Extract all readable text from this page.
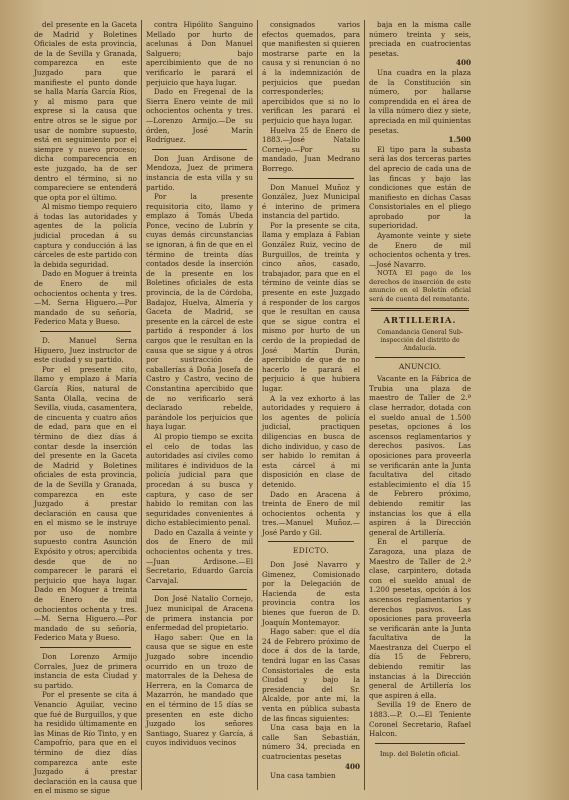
del presente en la Gaceta de Madrid y Boletines Oficiales de esta provincia, de la de Sevilla y Granada, comparezca en este Juzgado para que manifieste el punto donde se halla María García Ríos, y al mismo para que exprese si la causa que entre otros se le sigue por usar de nombre supuesto, está en seguimiento por el siempre y nuevo proceso; dicha comparecencia en este juzgado, ha de ser dentro el término, si no compareciere se entenderá que opta por el último.

Al mismo tiempo requiero á todas las autoridades y agentes de la policía judicial procedan á su captura y conducción á las cárceles de este partido con la debida seguridad.

Dado en Moguer á treinta de Enero de mil ochocientos ochenta y tres.—M. Serna Higuero.—Por mandado de su señoría, Federico Mata y Bueso.

D. Manuel Serna Higuero, Juez instructor de este ciudad y su partido.

Por el presente cito, llamo y emplazo á María García Ríos, natural de Santa Olalla, vecina de Sevilla, viuda, casamentera, de cincuenta y cuatro años de edad, para que en el término de diez días á contar desde la inserción del presente en la Gaceta de Madrid y Boletines oficiales de esta provincia, de la de Sevilla y Granada, comparezca en este Juzgado á prestar declaración en causa que en el mismo se le instruye por uso de nombre supuesto contra Asunción Expósito y otros; apercibida desde que de no comparecer le parará el perjuicio que haya lugar. Dado en Moguer á treinta de Enero de mil ochocientos ochenta y tres.—M. Serna Higuero.—Por mandado de su señoría, Federico Mata y Bueso.

Don Lorenzo Armijo Corrales, Juez de primera instancia de esta Ciudad y su partido.

Por el presente se cita á Venancio Aguilar, vecino que fué de Burguillos, y que ha residido últimamente en las Minas de Río Tinto, y en Campofrío, para que en el término de diez días comparezca ante este Juzgado á prestar declaración en la causa que en el mismo se sigue

contra Hipólito Sanguino Mellado por hurto de acelunas á Don Manuel Salguero; bajo apercibimiento que de no verificarlo le parará el perjuicio que haya lugar.

Dado en Fregenal de la Sierra Enero veinte de mil ochocientos ochenta y tres.—Lorenzo Armijo.—De su órden, José Marín Rodríguez.

Don Juan Ardisone de Mendoza, Juez de primera instancia de esta villa y su partido.

Por la presente requisitoria cito, llamo y emplazo á Tomás Ubeda Ponce, vecino de Lubrín y cuyas demás circunstancias se ignoran, á fin de que en el término de treinta días contados desde la inserción de la presente en los Boletines oficiales de esta provincia, de la de Córdoba, Badajoz, Huelva, Almería y Gaceta de Madrid, se presente en la cárcel de este partido á responder á los cargos que le resultan en la causa que se sigue y á otros por sustracción de caballerías á Doña Josefa de Castro y Castro, vecino de Constantina apercibido que de no verificarlo será declarado rebelde, parándole los perjuicios que haya lugar.

Al propio tiempo se excita el celo de todas las autoridades así civiles como militares é individuos de la policía judicial para que procedan á su busca y captura, y caso de ser habido lo remitan con las seguridades convenientes á dicho establecimiento penal.

Dado en Cazalla á veinte y dos de Enero de mil ochocientos ochenta y tres.—Juan Ardisone.—El Secretario, Eduardo García Carvajal.

Don José Natalio Cornejo, Juez municipal de Aracena de primera instancia por enfermedad del propietario.

Hago saber: Que en la causa que se sigue en este Juzgado sobre incendio ocurrido en un trozo de matorrales de la Dehesa de Herrera, en la Comarca de Mazarrón, he mandado que en el término de 15 días se presenten en este dicho Juzgado los señores Santiago, Suarez y García, á cuyos individuos vecinos

consignados varios efectos quemados, para que manifiesten si quieren mostrarse parte en la causa y si renuncian ó no á la indemnización de perjuicios que puedan corresponderles; apercibidos que si no lo verifican les parará el perjuicio que haya lugar.

Huelva 25 de Enero de 1883.—José Natalio Cornejo.—Por su mandado, Juan Medrano Borrego.

Don Manuel Muñoz y González, Juez Municipal é interino de primera instancia del partido.

Por la presente se cita, llama y emplaza á Fabian González Ruiz, vecino de Burguillos, de treinta y cinco años, casado, trabajador, para que en el término de veinte días se presente en este Juzgado á responder de los cargos que le resultan en causa que se sigue contra el mismo por hurto de un cerdo de la propiedad de José Martín Durán, apercibido de que de no hacerlo le parará el perjuicio á que hubiera lugar.

A la vez exhorto á las autoridades y requiero á los agentes de policía judicial, practiquen diligencias en busca de dicho individuo, y caso de ser habido lo remitan á esta cárcel á mi disposición en clase de detenido.

Dado en Aracena á treinta de Enero de mil ochocientos ochenta y tres.—Manuel Muñoz.—José Pardo y Gil.

EDICTO.

Don José Navarro y Gimenez, Comisionado por la Delegación de Hacienda de esta provincia contra los bienes que fueron de D. Joaquín Montemayor.

Hago saber: que el día 24 de Febrero próximo de doce á dos de la tarde, tendrá lugar en las Casas Consistoriales de esta Ciudad y bajo la presidencia del Sr. Alcalde, por ante mí, la venta en pública subasta de las fincas siguientes:

Una casa baja en la calle San Sebastián, número 34, preciada en cuatrocientas pesetas

400

Una casa tambien

baja en la misma calle número treinta y seis, preciada en cuatrocientas pesetas.

400

Una cuadra en la plaza de la Constitución sin número, por hallarse comprendida en el área de la villa número diez y siete, apreciada en mil quinientas pesetas.

1.500

El tipo para la subasta será las dos terceras partes del aprecio de cada una de las fincas y bajo las condiciones que están de manifiesto en dichas Casas Consistoriales en el pliego aprobado por la superioridad.

Ayamonte veinte y siete de Enero de mil ochocientos ochenta y tres.—José Navarro.

NOTA El pago de los derechos de inserción de este anuncio en el Boletín oficial será de cuenta del rematante.

ARTILLERIA.
Comandancia General Sub-inspección del distrito de Andalucía.
ANUNCIO.

Vacante en la Fábrica de Trubia una plaza de maestro de Taller de 2.ª clase herrador, dotada con el sueldo anual de 1.500 pesetas, opciones á los ascensos reglamentarios y derechos pasivos. Las oposiciones para proveerla se verificarán ante la Junta facultativa del citado establecimiento el día 15 de Febrero próximo, debiendo remitir las instancias los que á ella aspiren á la Dirección general de Artillería.

En el parque de Zaragoza, una plaza de Maestro de Taller de 2.ª clase, carpintero, dotada con el sueldo anual de 1.200 pesetas, opción á los ascensos reglamentarios y derechos pasivos. Las oposiciones para proveerla se verificarán ante la Junta facultativa de la Maestranza del Cuerpo el día 15 de Febrero, debiendo remitir las instancias á la Dirección general de Artillería los que aspiren á ella.

Sevilla 19 de Enero de 1883.—P. O.—El Teniente Coronel Secretario, Rafael Halcon.

Imp. del Boletín oficial.
